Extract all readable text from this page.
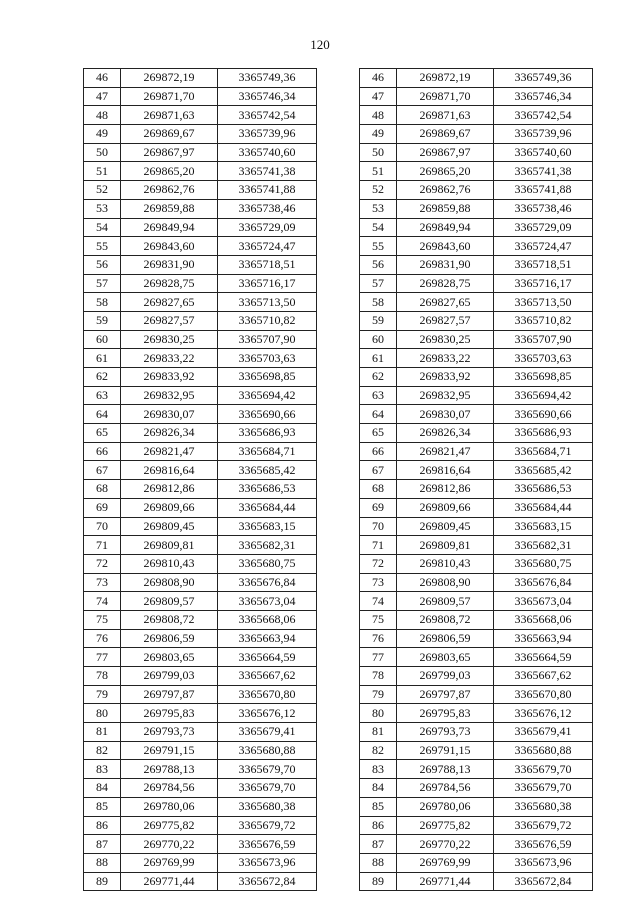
120
46	269872,19	3365749,36
47	269871,70	3365746,34
48	269871,63	3365742,54
49	269869,67	3365739,96
50	269867,97	3365740,60
51	269865,20	3365741,38
52	269862,76	3365741,88
53	269859,88	3365738,46
54	269849,94	3365729,09
55	269843,60	3365724,47
56	269831,90	3365718,51
57	269828,75	3365716,17
58	269827,65	3365713,50
59	269827,57	3365710,82
60	269830,25	3365707,90
61	269833,22	3365703,63
62	269833,92	3365698,85
63	269832,95	3365694,42
64	269830,07	3365690,66
65	269826,34	3365686,93
66	269821,47	3365684,71
67	269816,64	3365685,42
68	269812,86	3365686,53
69	269809,66	3365684,44
70	269809,45	3365683,15
71	269809,81	3365682,31
72	269810,43	3365680,75
73	269808,90	3365676,84
74	269809,57	3365673,04
75	269808,72	3365668,06
76	269806,59	3365663,94
77	269803,65	3365664,59
78	269799,03	3365667,62
79	269797,87	3365670,80
80	269795,83	3365676,12
81	269793,73	3365679,41
82	269791,15	3365680,88
83	269788,13	3365679,70
84	269784,56	3365679,70
85	269780,06	3365680,38
86	269775,82	3365679,72
87	269770,22	3365676,59
88	269769,99	3365673,96
89	269771,44	3365672,84
46	269872,19	3365749,36
47	269871,70	3365746,34
48	269871,63	3365742,54
49	269869,67	3365739,96
50	269867,97	3365740,60
51	269865,20	3365741,38
52	269862,76	3365741,88
53	269859,88	3365738,46
54	269849,94	3365729,09
55	269843,60	3365724,47
56	269831,90	3365718,51
57	269828,75	3365716,17
58	269827,65	3365713,50
59	269827,57	3365710,82
60	269830,25	3365707,90
61	269833,22	3365703,63
62	269833,92	3365698,85
63	269832,95	3365694,42
64	269830,07	3365690,66
65	269826,34	3365686,93
66	269821,47	3365684,71
67	269816,64	3365685,42
68	269812,86	3365686,53
69	269809,66	3365684,44
70	269809,45	3365683,15
71	269809,81	3365682,31
72	269810,43	3365680,75
73	269808,90	3365676,84
74	269809,57	3365673,04
75	269808,72	3365668,06
76	269806,59	3365663,94
77	269803,65	3365664,59
78	269799,03	3365667,62
79	269797,87	3365670,80
80	269795,83	3365676,12
81	269793,73	3365679,41
82	269791,15	3365680,88
83	269788,13	3365679,70
84	269784,56	3365679,70
85	269780,06	3365680,38
86	269775,82	3365679,72
87	269770,22	3365676,59
88	269769,99	3365673,96
89	269771,44	3365672,84
